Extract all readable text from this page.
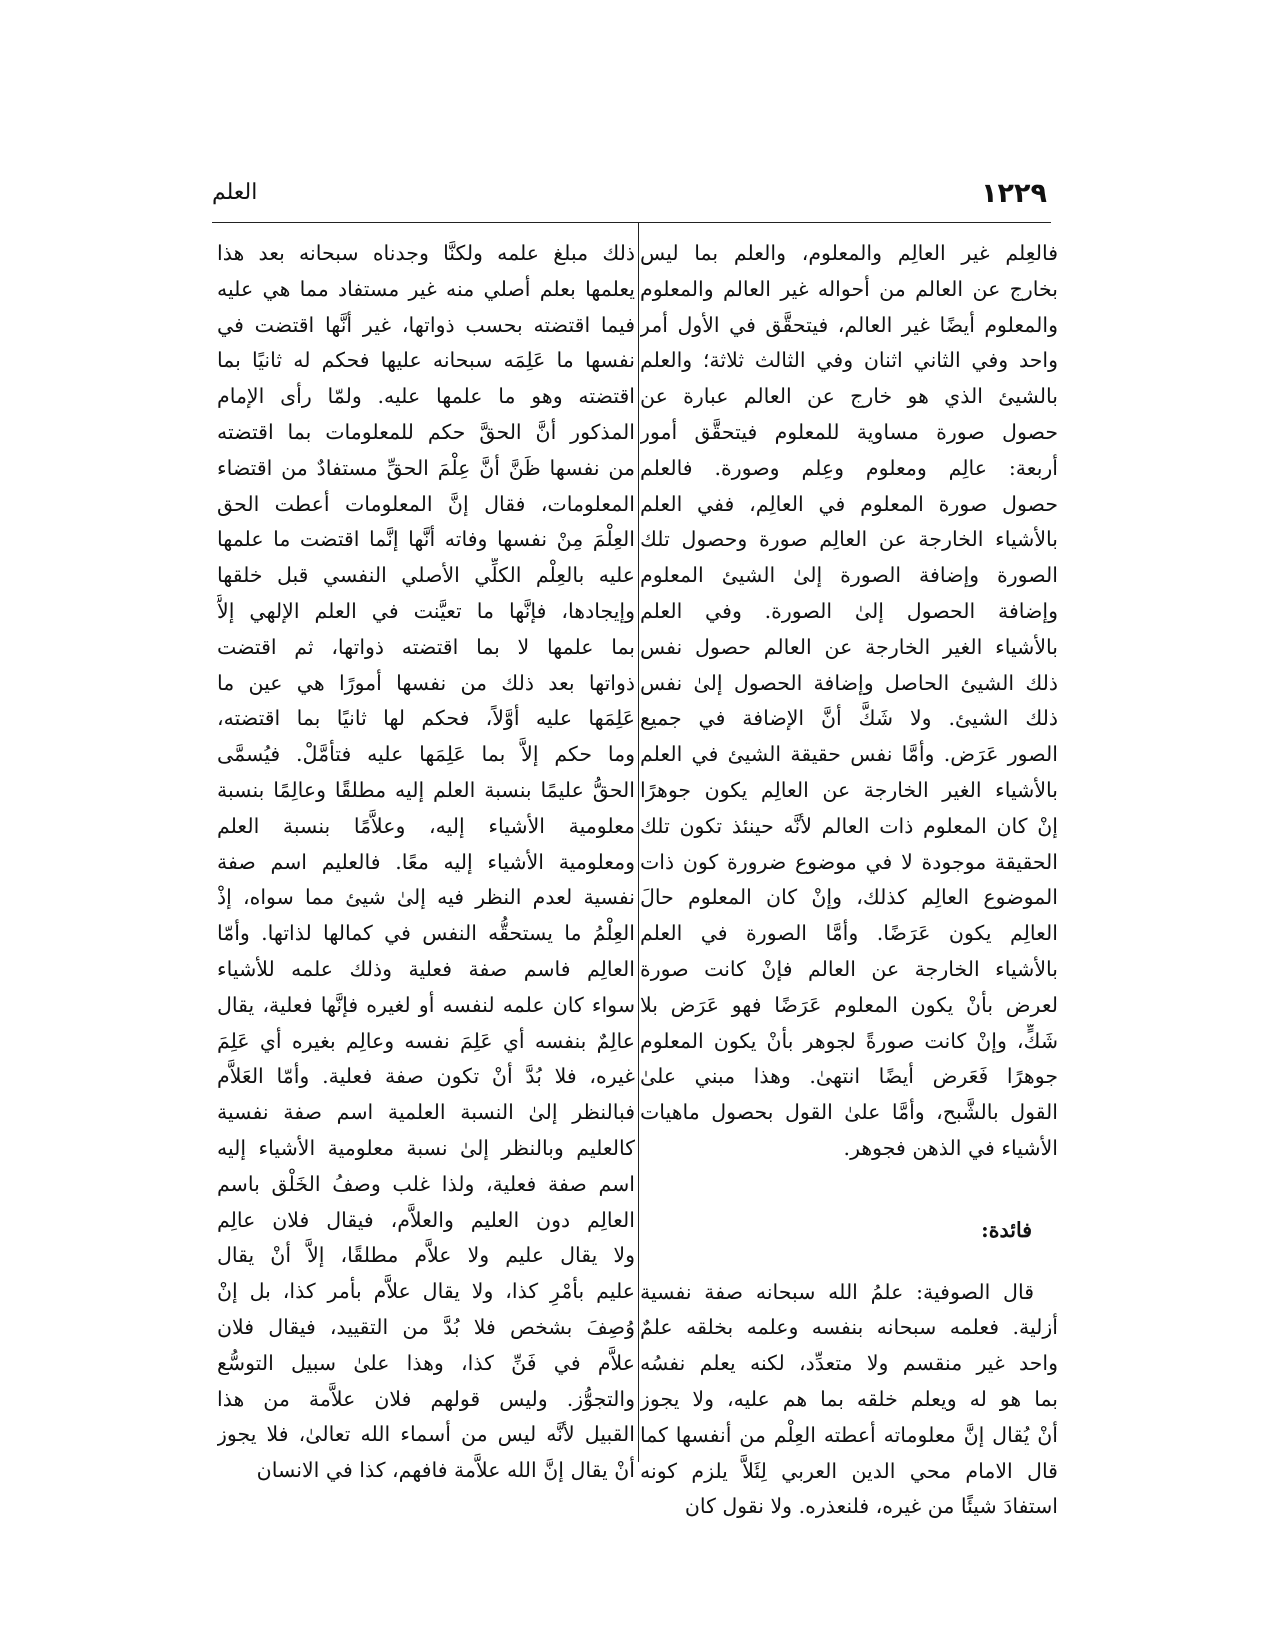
١٢٢٩
العلم
فالعِلم غير العالِم والمعلوم، والعلم بما ليس
بخارج عن العالم من أحواله غير العالم والمعلوم
والمعلوم أيضًا غير العالم، فيتحقَّق في الأول أمر
واحد وفي الثاني اثنان وفي الثالث ثلاثة؛ والعلم
بالشيئ الذي هو خارج عن العالم عبارة عن
حصول صورة مساوية للمعلوم فيتحقَّق أمور
أربعة: عالِم ومعلوم وعِلم وصورة. فالعلم
حصول صورة المعلوم في العالِم، ففي العلم
بالأشياء الخارجة عن العالِم صورة وحصول تلك
الصورة وإضافة الصورة إلىٰ الشيئ المعلوم
وإضافة الحصول إلىٰ الصورة. وفي العلم
بالأشياء الغير الخارجة عن العالم حصول نفس
ذلك الشيئ الحاصل وإضافة الحصول إلىٰ نفس
ذلك الشيئ. ولا شَكَّ أنَّ الإضافة في جميع
الصور عَرَض. وأمَّا نفس حقيقة الشيئ في العلم
بالأشياء الغير الخارجة عن العالِم يكون جوهرًا
إنْ كان المعلوم ذات العالم لأنَّه حينئذ تكون تلك
الحقيقة موجودة لا في موضوع ضرورة كون ذات
الموضوع العالِم كذلك، وإنْ كان المعلوم حالَ
العالِم يكون عَرَضًا. وأمَّا الصورة في العلم
بالأشياء الخارجة عن العالم فإنْ كانت صورة
لعرض بأنْ يكون المعلوم عَرَضًا فهو عَرَض بلا
شَكٍّ، وإنْ كانت صورةً لجوهر بأنْ يكون المعلوم
جوهرًا فَعَرض أيضًا انتهىٰ. وهذا مبني علىٰ
القول بالشَّبح، وأمَّا علىٰ القول بحصول ماهيات
الأشياء في الذهن فجوهر.
فائدة:
قال الصوفية: علمُ الله سبحانه صفة نفسية
أزلية. فعلمه سبحانه بنفسه وعلمه بخلقه علمٌ
واحد غير منقسم ولا متعدِّد، لكنه يعلم نفسُه
بما هو له ويعلم خلقه بما هم عليه، ولا يجوز
أنْ يُقال إنَّ معلوماته أعطته العِلْم من أنفسها كما
قال الامام محي الدين العربي لِئَلاَّ يلزم كونه
استفادَ شيئًا من غيره، فلنعذره. ولا نقول كان
ذلك مبلغ علمه ولكنَّا وجدناه سبحانه بعد هذا
يعلمها بعلم أصلي منه غير مستفاد مما هي عليه
فيما اقتضته بحسب ذواتها، غير أنَّها اقتضت في
نفسها ما عَلِمَه سبحانه عليها فحكم له ثانيًا بما
اقتضته وهو ما علمها عليه. ولمّا رأى الإمام
المذكور أنَّ الحقَّ حكم للمعلومات بما اقتضته
من نفسها ظَنَّ أنَّ عِلْمَ الحقِّ مستفادٌ من اقتضاء
المعلومات، فقال إنَّ المعلومات أعطت الحق
العِلْمَ مِنْ نفسها وفاته أنَّها إنَّما اقتضت ما علمها
عليه بالعِلْم الكلِّي الأصلي النفسي قبل خلقها
وإيجادها، فإنَّها ما تعيَّنت في العلم الإلهي إلاَّ
بما علمها لا بما اقتضته ذواتها، ثم اقتضت
ذواتها بعد ذلك من نفسها أمورًا هي عين ما
عَلِمَها عليه أوَّلاً، فحكم لها ثانيًا بما اقتضته،
وما حكم إلاَّ بما عَلِمَها عليه فتأمَّلْ. فيُسمَّى
الحقُّ عليمًا بنسبة العلم إليه مطلقًا وعالِمًا بنسبة
معلومية الأشياء إليه، وعلاَّمًا بنسبة العلم
ومعلومية الأشياء إليه معًا. فالعليم اسم صفة
نفسية لعدم النظر فيه إلىٰ شيئ مما سواه، إذْ
العِلْمُ ما يستحقُّه النفس في كمالها لذاتها. وأمّا
العالِم فاسم صفة فعلية وذلك علمه للأشياء
سواء كان علمه لنفسه أو لغيره فإنَّها فعلية، يقال
عالِمٌ بنفسه أي عَلِمَ نفسه وعالِم بغيره أي عَلِمَ
غيره، فلا بُدَّ أنْ تكون صفة فعلية. وأمّا العَلاَّم
فبالنظر إلىٰ النسبة العلمية اسم صفة نفسية
كالعليم وبالنظر إلىٰ نسبة معلومية الأشياء إليه
اسم صفة فعلية، ولذا غلب وصفُ الخَلْق باسم
العالِم دون العليم والعلاَّم، فيقال فلان عالِم
ولا يقال عليم ولا علاَّم مطلقًا، إلاَّ أنْ يقال
عليم بأمْرِ كذا، ولا يقال علاَّم بأمر كذا، بل إنْ
وُصِفَ بشخص فلا بُدَّ من التقييد، فيقال فلان
علاَّم في فَنِّ كذا، وهذا علىٰ سبيل التوسُّع
والتجوُّز. وليس قولهم فلان علاَّمة من هذا
القبيل لأنَّه ليس من أسماء الله تعالىٰ، فلا يجوز
أنْ يقال إنَّ الله علاَّمة فافهم، كذا في الانسان
